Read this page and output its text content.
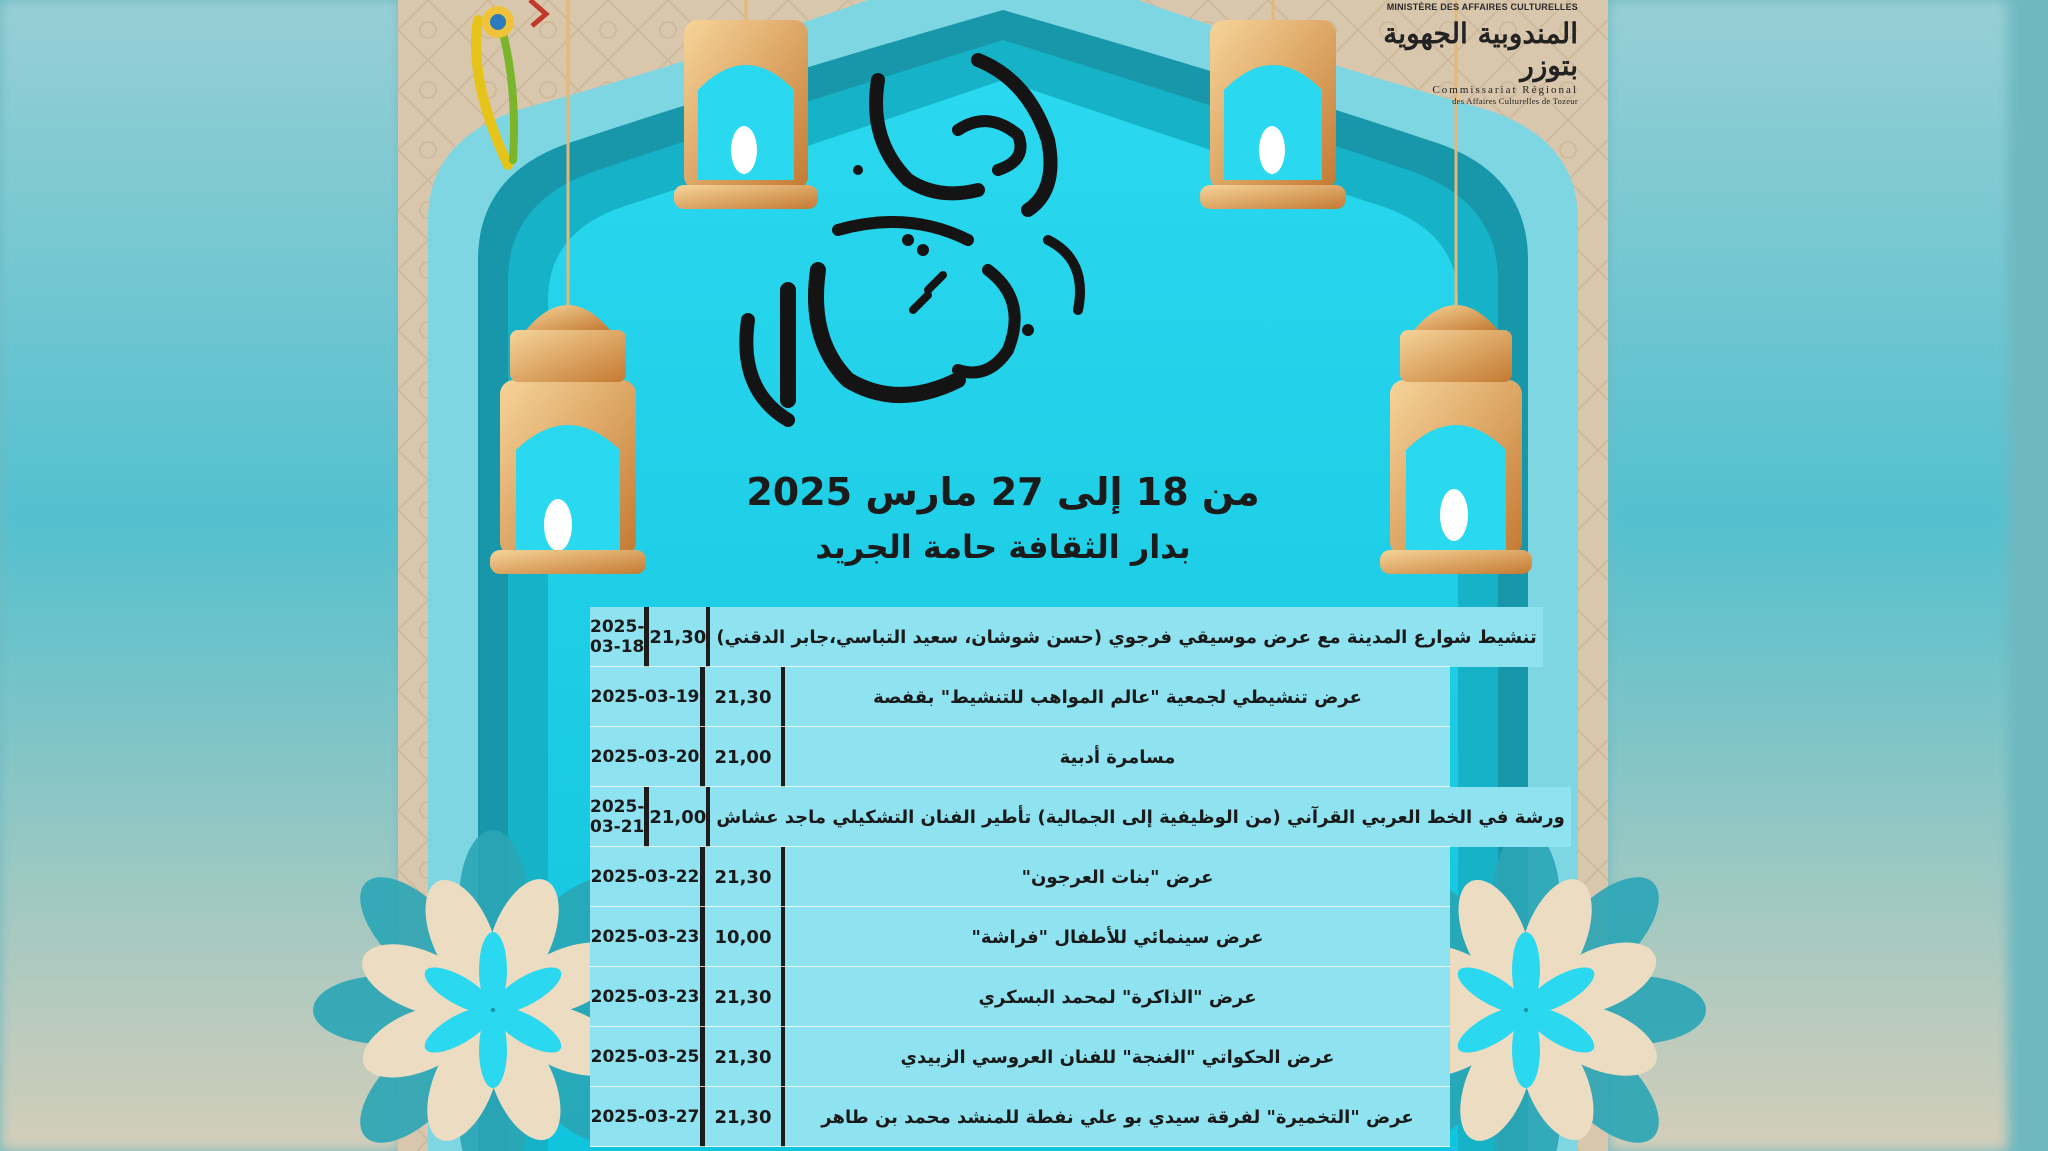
MINISTÈRE DES AFFAIRES CULTURELLES
المندوبية الجهوية بتوزر
Commissariat Régional
des Affaires Culturelles de Tozeur
من 18 إلى 27 مارس 2025
بدار الثقافة حامة الجريد
2025-03-18 21,30 تنشيط شوارع المدينة مع عرض موسيقي فرجوي (حسن شوشان، سعيد التباسي،جابر الدقني)
2025-03-19 21,30	عرض تنشيطي لجمعية "عالم المواهب للتنشيط" بقفصة
2025-03-20 21,00	مسامرة أدبية
2025-03-21 21,00 ورشة في الخط العربي القرآني (من الوظيفية إلى الجمالية) تأطير الفنان التشكيلي ماجد عشاش
2025-03-22 21,30	عرض "بنات العرجون"
2025-03-23 10,00	عرض سينمائي للأطفال "فراشة"
2025-03-23 21,30	عرض "الذاكرة" لمحمد البسكري
2025-03-25 21,30	عرض الحكواتي "الغنجة" للفنان العروسي الزبيدي
2025-03-27 21,30	عرض "التخميرة" لفرقة سيدي بو علي نفطة للمنشد محمد بن طاهر
